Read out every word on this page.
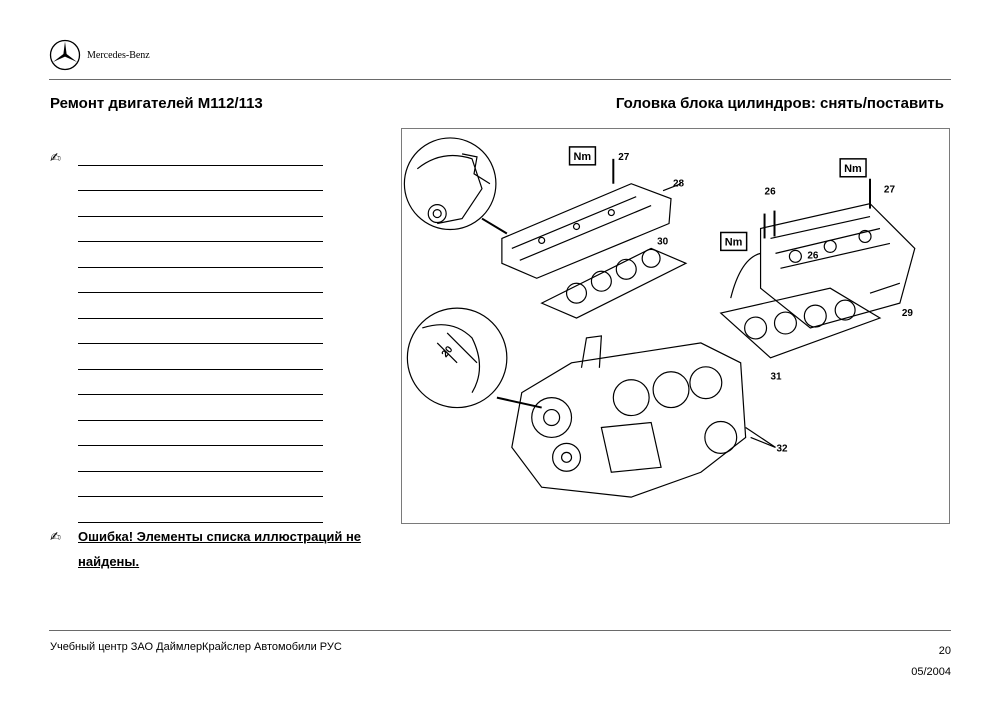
Mercedes-Benz
Ремонт двигателей M112/113	Головка блока цилиндров: снять/поставить
✍
✍ Ошибка! Элементы списка иллюстраций не
найдены.
Nm
Nm
Nm
27
28
30
26
26
27
29
31
32
20
Учебный центр ЗАО ДаймлерКрайслер Автомобили РУС	20
05/2004
